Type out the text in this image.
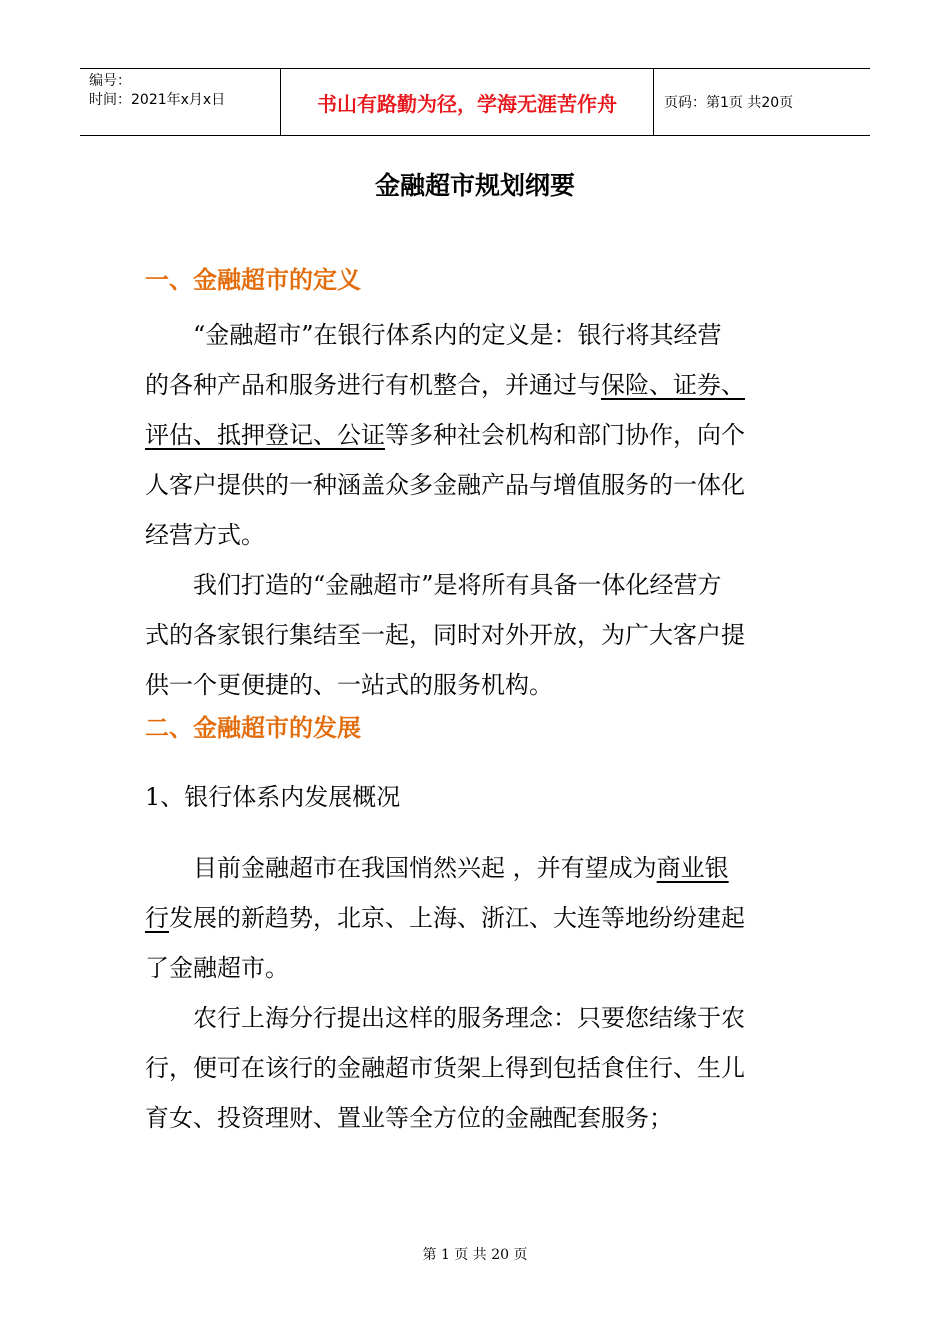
编号：
时间：2021年x月x日	书山有路勤为径，学海无涯苦作舟	页码：第1页 共20页
金融超市规划纲要
一、金融超市的定义
“金融超市”在银行体系内的定义是：银行将其经营
的各种产品和服务进行有机整合，并通过与保险、证券、
评估、抵押登记、公证等多种社会机构和部门协作，向个
人客户提供的一种涵盖众多金融产品与增值服务的一体化
经营方式。
我们打造的“金融超市”是将所有具备一体化经营方
式的各家银行集结至一起，同时对外开放，为广大客户提
供一个更便捷的、一站式的服务机构。
二、金融超市的发展
1、银行体系内发展概况
目前金融超市在我国悄然兴起 ，并有望成为商业银
行发展的新趋势，北京、上海、浙江、大连等地纷纷建起
了金融超市。
农行上海分行提出这样的服务理念：只要您结缘于农
行，便可在该行的金融超市货架上得到包括食住行、生儿
育女、投资理财、置业等全方位的金融配套服务；
第 1 页 共 20 页
